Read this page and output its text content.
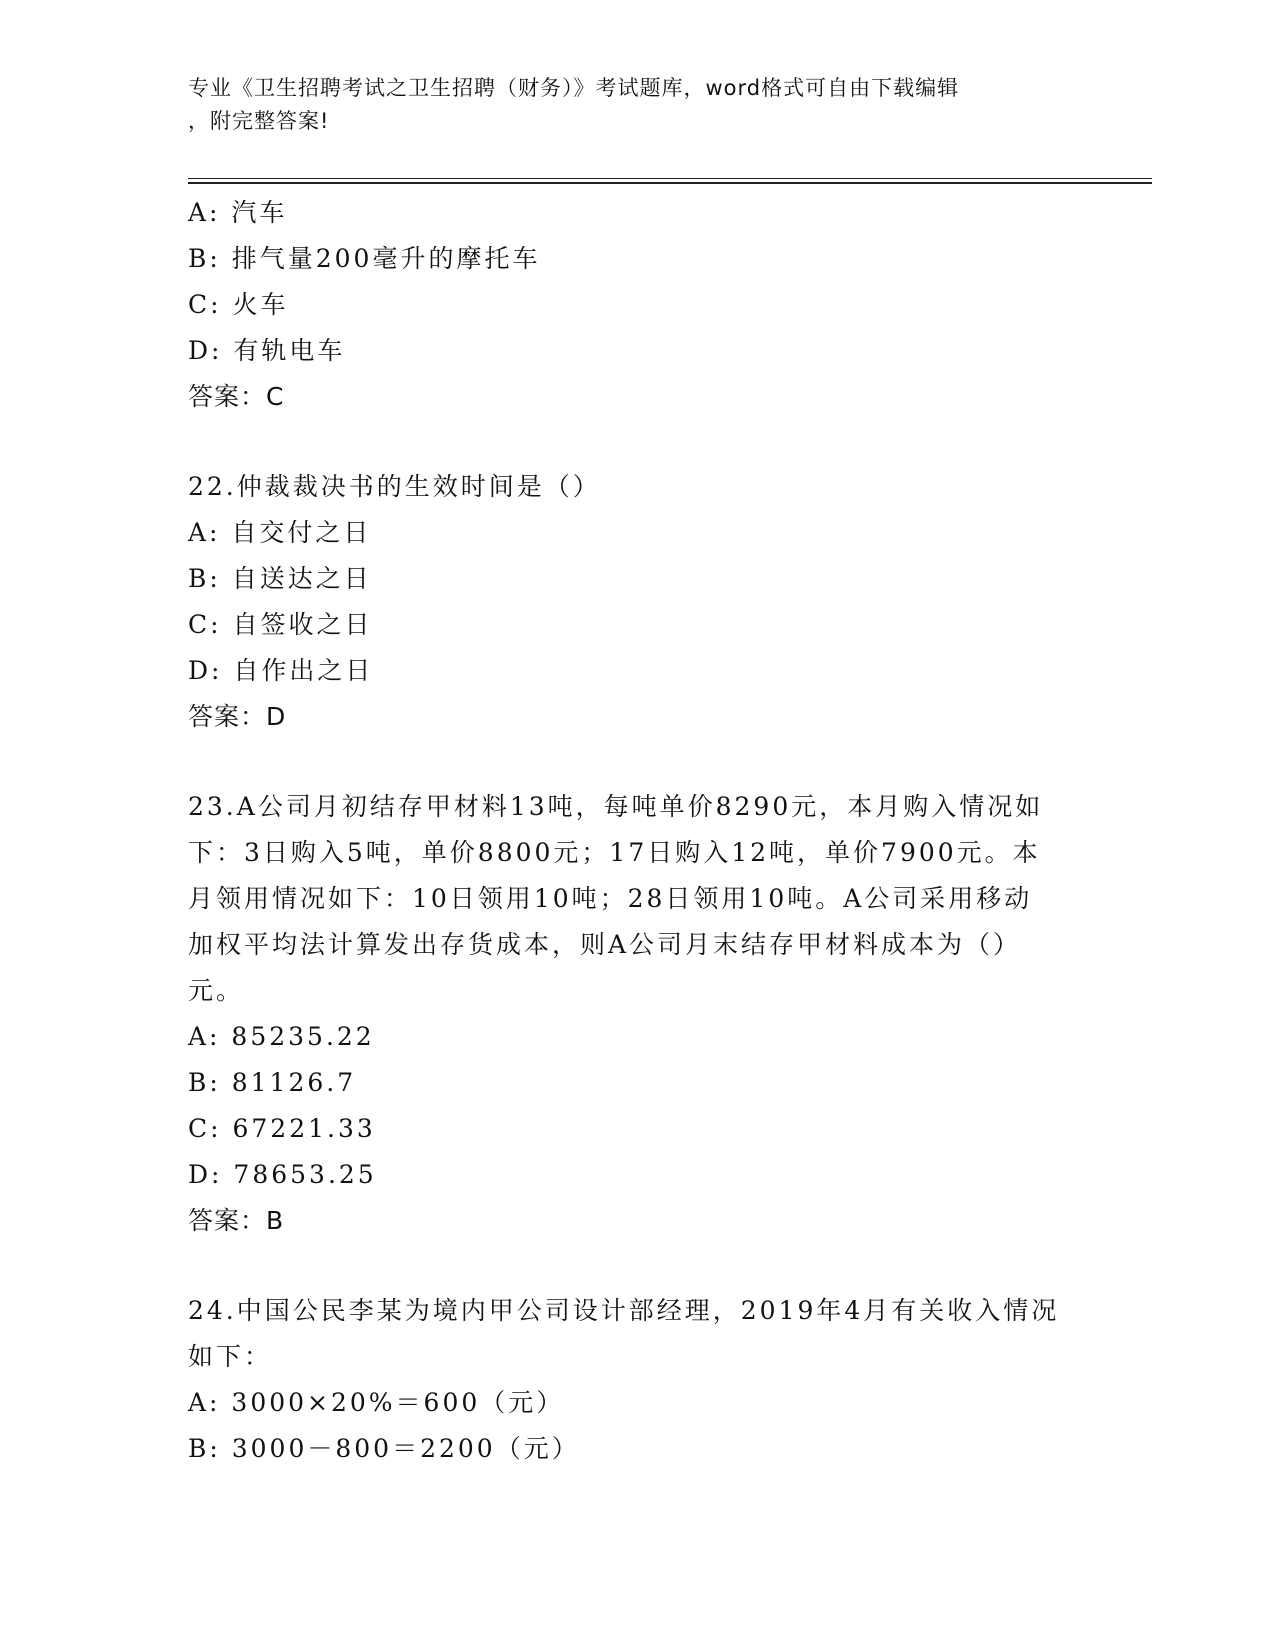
专业《卫生招聘考试之卫生招聘（财务）》考试题库，word格式可自由下载编辑
，附完整答案!
A: 汽车
B: 排气量200毫升的摩托车
C: 火车
D: 有轨电车
答案：C
22.仲裁裁决书的生效时间是（）
A: 自交付之日
B: 自送达之日
C: 自签收之日
D: 自作出之日
答案：D
23.A公司月初结存甲材料13吨，每吨单价8290元，本月购入情况如
下：3日购入5吨，单价8800元；17日购入12吨，单价7900元。本
月领用情况如下：10日领用10吨；28日领用10吨。A公司采用移动
加权平均法计算发出存货成本，则A公司月末结存甲材料成本为（）
元。
A: 85235.22
B: 81126.7
C: 67221.33
D: 78653.25
答案：B
24.中国公民李某为境内甲公司设计部经理，2019年4月有关收入情况
如下：
A: 3000×20%＝600（元）
B: 3000－800＝2200（元）
